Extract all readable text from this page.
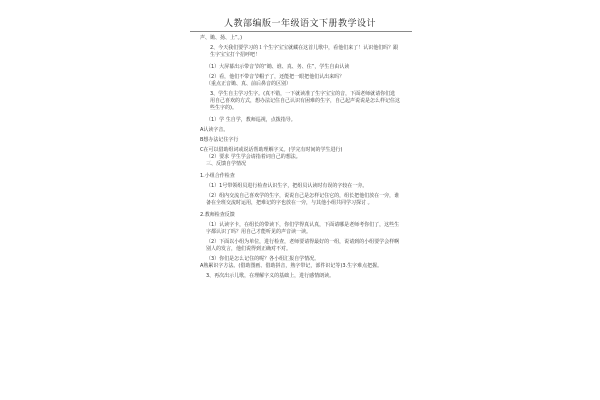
人教部编版一年级语文下册教学设计

声、锄、扬、上”。)

2、今天我们要学习的１个生字宝宝就藏在这首儿歌中，看他们来了！认识他们吗？跟生字宝宝打个招呼吧！

（1）大屏幕出示带音节的“锄、谁、真、务、住”，学生自由认读

（2）看，他们不带音节帽子了，还能把一眼把他们认出来吗？

（重点正音锄、真、前后鼻音的区别）

3、学生自主学习生字。(真不错，一下就读准了生字宝宝的音，下面老师就请你们选用自己喜欢的方式，想办法记住自己认识有困难的生字，自己起声说说是怎么样记住这些生字的)。

（1）学 生自学，教师巡视，点拨指导。

A认读字音。

B想办法记住字行

C在可以借助组词或说话帮助理解字义。(学完有时间的学生进行)

（2）要求 学生学会请指着词自己的想法。

三、反馈自学情况

1.小组合作检查

（1）1号带领组员进行检查认识生字，把组员认读时有误的字较在一旁。

（2）组内交流自己喜欢学的生字，说说自己是怎样记住它的，组长把他们放在一旁，谁备在全班交流时运用，把难记的字也放在一旁，与其他小组共同学习探讨 。

2.教师检查反馈

（1）认读字卡，在组长的带读下，你们学得真认真，下面请哪是老师考你们了，这些生字都认识了吗？用自己才能听见的声音读一读。

（2）下面以小组为单位，进行检查，老师要请得最好的一组，说请到的小组要学会样啊别人的发言，他们说得到正确对不对。

（3）你们是怎么记住的呢？各小组汇报自学情况。

A熟累识字方法。(借助图画、借助拼音，熟字带记，部件识记等)3.生字难点把握。

3、再次出示儿歌，在理解字义的基础上，进行感情朗读。
